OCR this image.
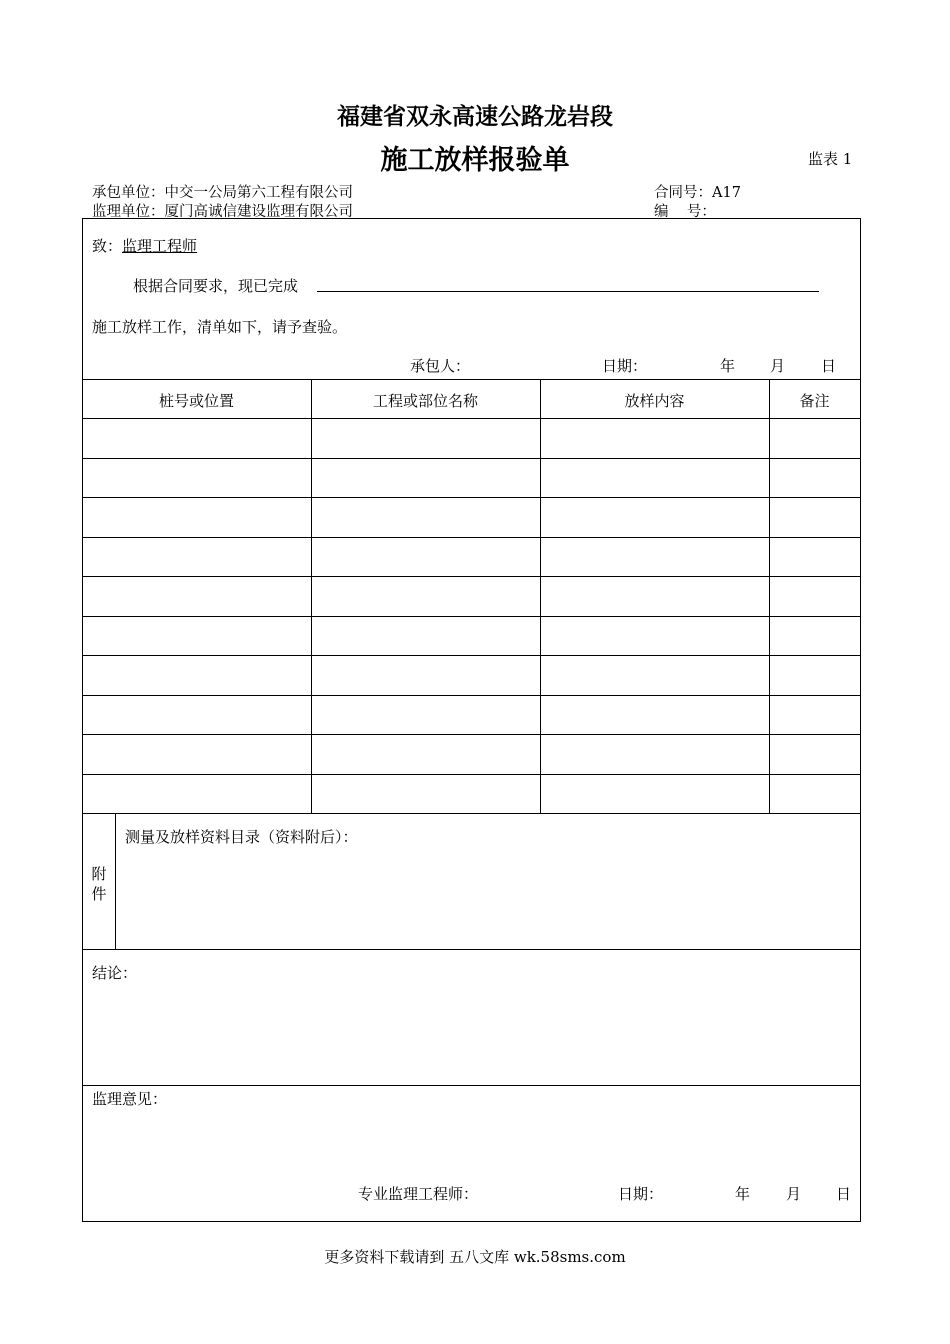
福建省双永高速公路龙岩段
施工放样报验单	监表 1
承包单位：中交一公局第六工程有限公司
监理单位：厦门高诚信建设监理有限公司
合同号：A17
编    号：
致：监理工程师
根据合同要求，现已完成
施工放样工作，清单如下，请予查验。
承包人：	日期：	年 月 日
桩号或位置	工程或部位名称	放样内容	备注
附
件
测量及放样资料目录（资料附后）：
结论：
监理意见：
专业监理工程师：	日期：	年 月 日
更多资料下载请到 五八文库 wk.58sms.com
